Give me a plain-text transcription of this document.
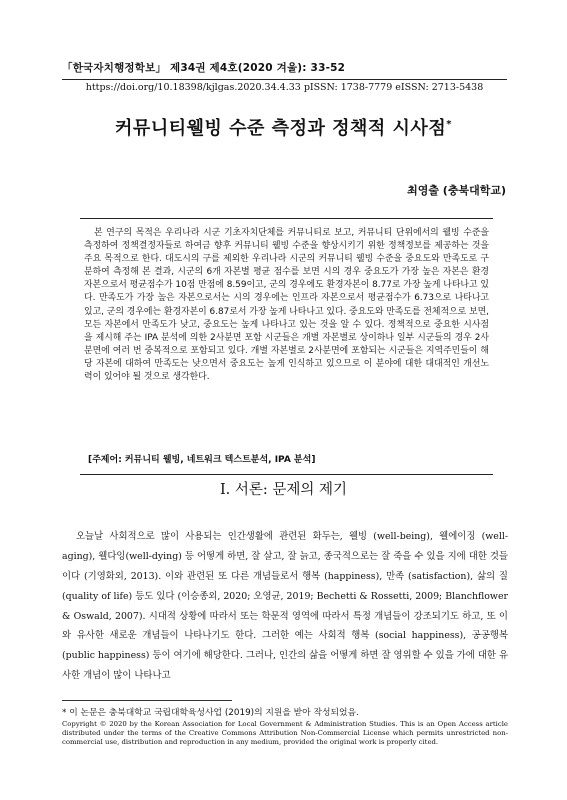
「한국자치행정학보」 제34권 제4호(2020 겨울): 33-52
https://doi.org/10.18398/kjlgas.2020.34.4.33 pISSN: 1738-7779 eISSN: 2713-5438
커뮤니티웰빙 수준 측정과 정책적 시사점*
최영출 (충북대학교)

본 연구의 목적은 우리나라 시군 기초자치단체를 커뮤니티로 보고, 커뮤니티 단위에서의 웰빙 수준을 측정하여 정책결정자들로 하여금 향후 커뮤니티 웰빙 수준을 향상시키기 위한 정책정보를 제공하는 것을 주요 목적으로 한다. 대도시의 구를 제외한 우리나라 시군의 커뮤니티 웰빙 수준을 중요도와 만족도로 구분하여 측정해 본 결과, 시군의 6개 자본별 평균 점수를 보면 시의 경우 중요도가 가장 높은 자본은 환경자본으로서 평균점수가 10점 만점에 8.59이고, 군의 경우에도 환경자본이 8.77로 가장 높게 나타나고 있다. 만족도가 가장 높은 자본으로서는 시의 경우에는 인프라 자본으로서 평균점수가 6.73으로 나타나고 있고, 군의 경우에는 환경자본이 6.87로서 가장 높게 나타나고 있다. 중요도와 만족도를 전체적으로 보면, 모든 자본에서 만족도가 낮고, 중요도는 높게 나타나고 있는 것을 알 수 있다. 정책적으로 중요한 시사점을 제시해 주는 IPA 분석에 의한 2사분면 포함 시군들은 개별 자본별로 상이하나 일부 시군들의 경우 2사분면에 여러 번 중복적으로 포함되고 있다. 개별 자본별로 2사분면에 포함되는 시군들은 지역주민들이 해당 자본에 대하여 만족도는 낮으면서 중요도는 높게 인식하고 있으므로 이 분야에 대한 대대적인 개선노력이 있어야 될 것으로 생각한다.

[주제어: 커뮤니티 웰빙, 네트워크 텍스트분석, IPA 분석]
I. 서론: 문제의 제기

오늘날 사회적으로 많이 사용되는 인간생활에 관련된 화두는, 웰빙 (well-being), 웰에이징 (well-aging), 웰다잉(well-dying) 등 어떻게 하면, 잘 살고, 잘 늙고, 종국적으로는 잘 죽을 수 있을 지에 대한 것들이다 (기영화외, 2013). 이와 관련된 또 다른 개념들로서 행복 (happiness), 만족 (satisfaction), 삶의 질 (quality of life) 등도 있다 (이승종외, 2020; 오영균, 2019; Bechetti & Rossetti, 2009; Blanchflower & Oswald, 2007). 시대적 상황에 따라서 또는 학문적 영역에 따라서 특정 개념들이 강조되기도 하고, 또 이와 유사한 새로운 개념들이 나타나기도 한다. 그러한 예는 사회적 행복 (social happiness), 공공행복 (public happiness) 등이 여기에 해당한다. 그러나, 인간의 삶을 어떻게 하면 잘 영위할 수 있을 가에 대한 유사한 개념이 많이 나타나고

* 이 논문은 충북대학교 국립대학육성사업 (2019)의 지원을 받아 작성되었음.
Copyright © 2020 by the Korean Association for Local Government & Administration Studies. This is an Open Access article distributed under the terms of the Creative Commons Attribution Non-Commercial License which permits unrestricted non-commercial use, distribution and reproduction in any medium, provided the original work is properly cited.
